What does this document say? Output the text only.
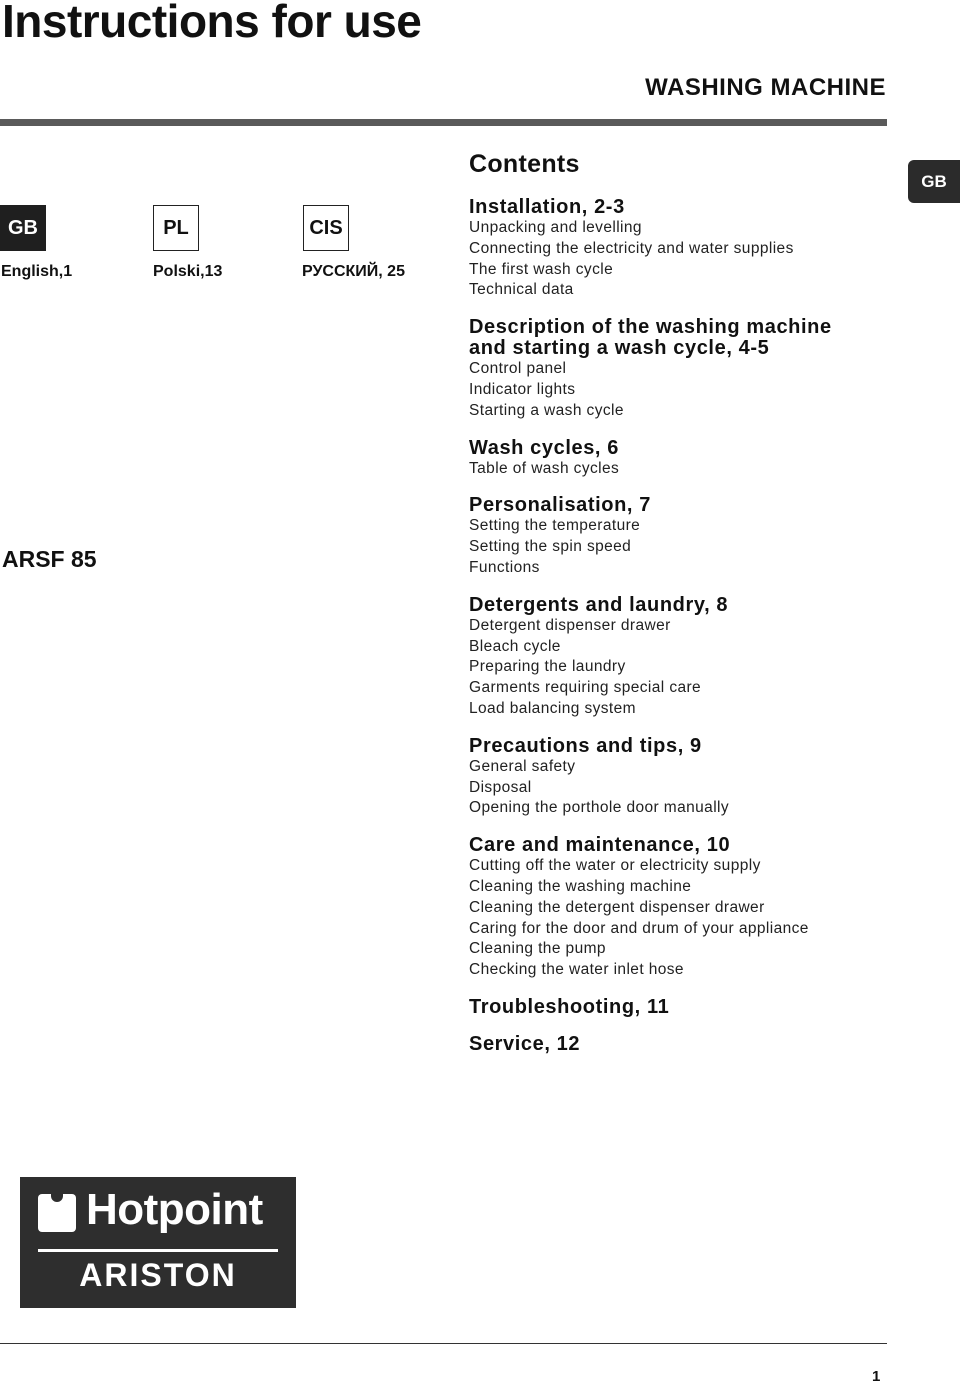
Instructions for use
WASHING MACHINE
GB
GB
English,1
PL
Polski,13
CIS
РУССКИЙ, 25
ARSF 85
Contents
Installation, 2-3
Unpacking and levelling
Connecting the electricity and water supplies
The first wash cycle
Technical data
Description of the washing machine
and starting a wash cycle, 4-5
Control panel
Indicator lights
Starting a wash cycle
Wash cycles, 6
Table of wash cycles
Personalisation, 7
Setting the temperature
Setting the spin speed
Functions
Detergents and laundry, 8
Detergent dispenser drawer
Bleach cycle
Preparing the laundry
Garments requiring special care
Load balancing system
Precautions and tips, 9
General safety
Disposal
Opening the porthole door manually
Care and maintenance, 10
Cutting off the water or electricity supply
Cleaning the washing machine
Cleaning the detergent dispenser drawer
Caring for the door and drum of your appliance
Cleaning the pump
Checking the water inlet hose
Troubleshooting, 11
Service, 12
Hotpoint
ARISTON
1
